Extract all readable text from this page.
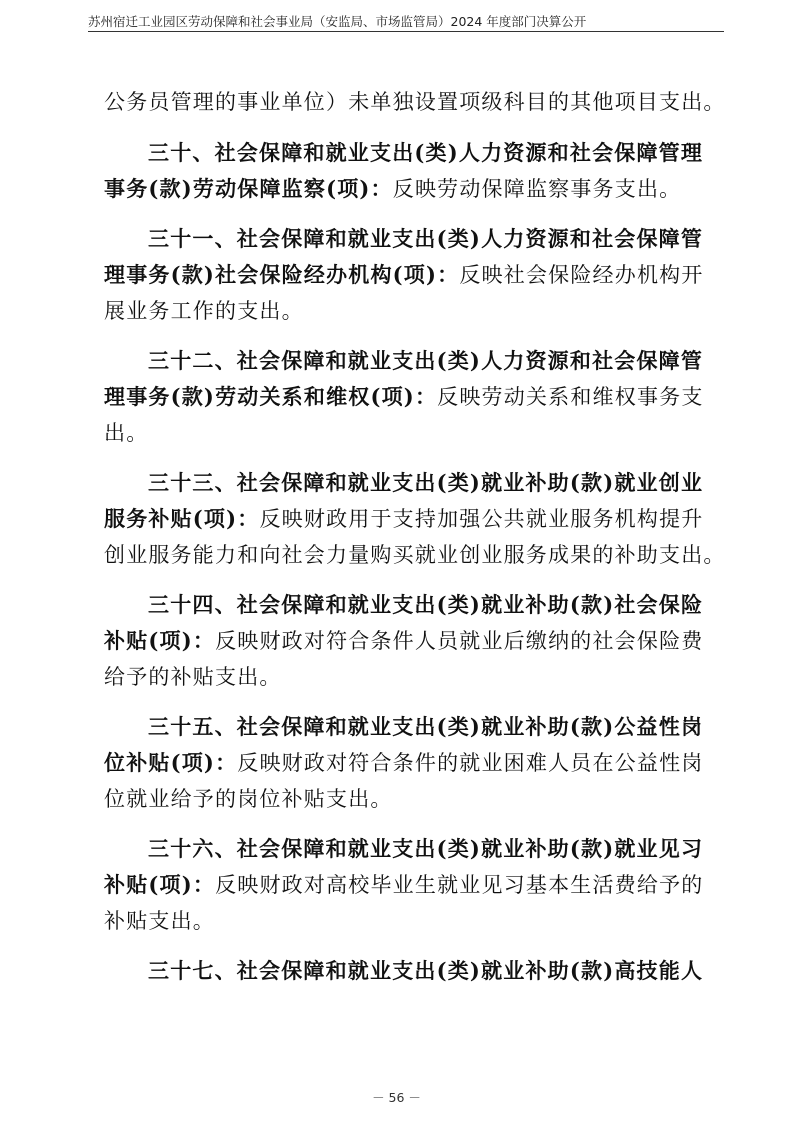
苏州宿迁工业园区劳动保障和社会事业局（安监局、市场监管局）2024 年度部门决算公开
公务员管理的事业单位）未单独设置项级科目的其他项目支出。
三十、社会保障和就业支出(类)人力资源和社会保障管理
事务(款)劳动保障监察(项)：反映劳动保障监察事务支出。
三十一、社会保障和就业支出(类)人力资源和社会保障管
理事务(款)社会保险经办机构(项)：反映社会保险经办机构开
展业务工作的支出。
三十二、社会保障和就业支出(类)人力资源和社会保障管
理事务(款)劳动关系和维权(项)：反映劳动关系和维权事务支
出。
三十三、社会保障和就业支出(类)就业补助(款)就业创业
服务补贴(项)：反映财政用于支持加强公共就业服务机构提升
创业服务能力和向社会力量购买就业创业服务成果的补助支出。
三十四、社会保障和就业支出(类)就业补助(款)社会保险
补贴(项)：反映财政对符合条件人员就业后缴纳的社会保险费
给予的补贴支出。
三十五、社会保障和就业支出(类)就业补助(款)公益性岗
位补贴(项)：反映财政对符合条件的就业困难人员在公益性岗
位就业给予的岗位补贴支出。
三十六、社会保障和就业支出(类)就业补助(款)就业见习
补贴(项)：反映财政对高校毕业生就业见习基本生活费给予的
补贴支出。
三十七、社会保障和就业支出(类)就业补助(款)高技能人
－ 56 －
